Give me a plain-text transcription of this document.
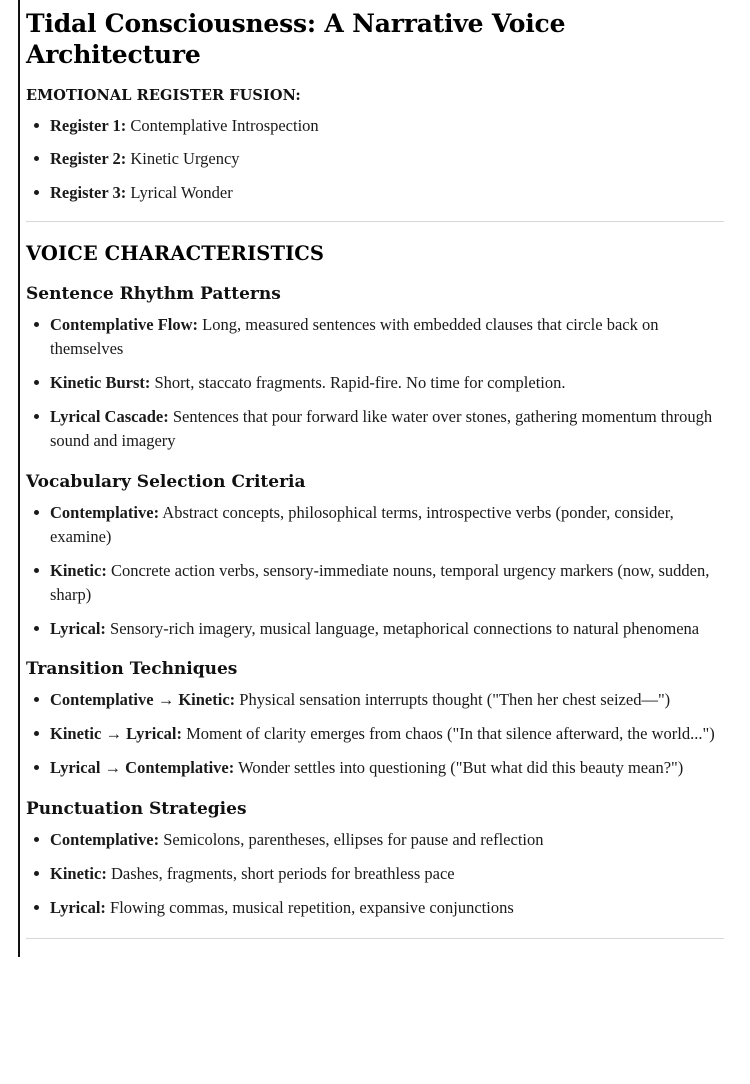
Tidal Consciousness: A Narrative Voice Architecture
EMOTIONAL REGISTER FUSION:
Register 1: Contemplative Introspection
Register 2: Kinetic Urgency
Register 3: Lyrical Wonder
VOICE CHARACTERISTICS
Sentence Rhythm Patterns
Contemplative Flow: Long, measured sentences with embedded clauses that circle back on themselves
Kinetic Burst: Short, staccato fragments. Rapid-fire. No time for completion.
Lyrical Cascade: Sentences that pour forward like water over stones, gathering momentum through sound and imagery
Vocabulary Selection Criteria
Contemplative: Abstract concepts, philosophical terms, introspective verbs (ponder, consider, examine)
Kinetic: Concrete action verbs, sensory-immediate nouns, temporal urgency markers (now, sudden, sharp)
Lyrical: Sensory-rich imagery, musical language, metaphorical connections to natural phenomena
Transition Techniques
Contemplative → Kinetic: Physical sensation interrupts thought ("Then her chest seized—")
Kinetic → Lyrical: Moment of clarity emerges from chaos ("In that silence afterward, the world...")
Lyrical → Contemplative: Wonder settles into questioning ("But what did this beauty mean?")
Punctuation Strategies
Contemplative: Semicolons, parentheses, ellipses for pause and reflection
Kinetic: Dashes, fragments, short periods for breathless pace
Lyrical: Flowing commas, musical repetition, expansive conjunctions
